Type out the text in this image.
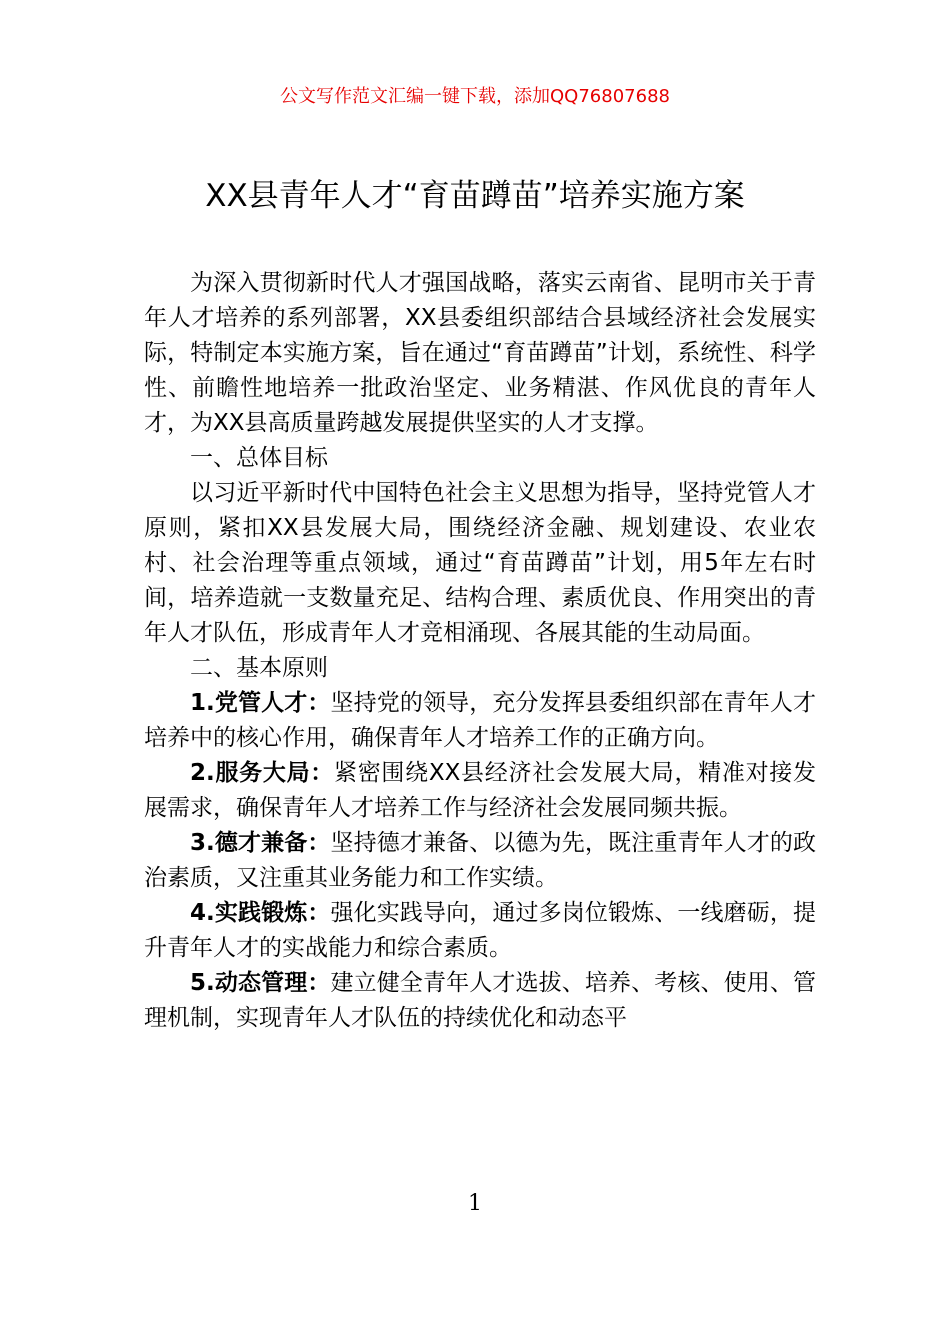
公文写作范文汇编一键下载，添加QQ76807688
XX县青年人才“育苗蹲苗”培养实施方案

为深入贯彻新时代人才强国战略，落实云南省、昆明市关于青年人才培养的系列部署，XX县委组织部结合县域经济社会发展实际，特制定本实施方案，旨在通过“育苗蹲苗”计划，系统性、科学性、前瞻性地培养一批政治坚定、业务精湛、作风优良的青年人才，为XX县高质量跨越发展提供坚实的人才支撑。

一、总体目标

以习近平新时代中国特色社会主义思想为指导，坚持党管人才原则，紧扣XX县发展大局，围绕经济金融、规划建设、农业农村、社会治理等重点领域，通过“育苗蹲苗”计划，用5年左右时间，培养造就一支数量充足、结构合理、素质优良、作用突出的青年人才队伍，形成青年人才竞相涌现、各展其能的生动局面。

二、基本原则

1.党管人才：坚持党的领导，充分发挥县委组织部在青年人才培养中的核心作用，确保青年人才培养工作的正确方向。

2.服务大局：紧密围绕XX县经济社会发展大局，精准对接发展需求，确保青年人才培养工作与经济社会发展同频共振。

3.德才兼备：坚持德才兼备、以德为先，既注重青年人才的政治素质，又注重其业务能力和工作实绩。

4.实践锻炼：强化实践导向，通过多岗位锻炼、一线磨砺，提升青年人才的实战能力和综合素质。

5.动态管理：建立健全青年人才选拔、培养、考核、使用、管理机制，实现青年人才队伍的持续优化和动态平

1
